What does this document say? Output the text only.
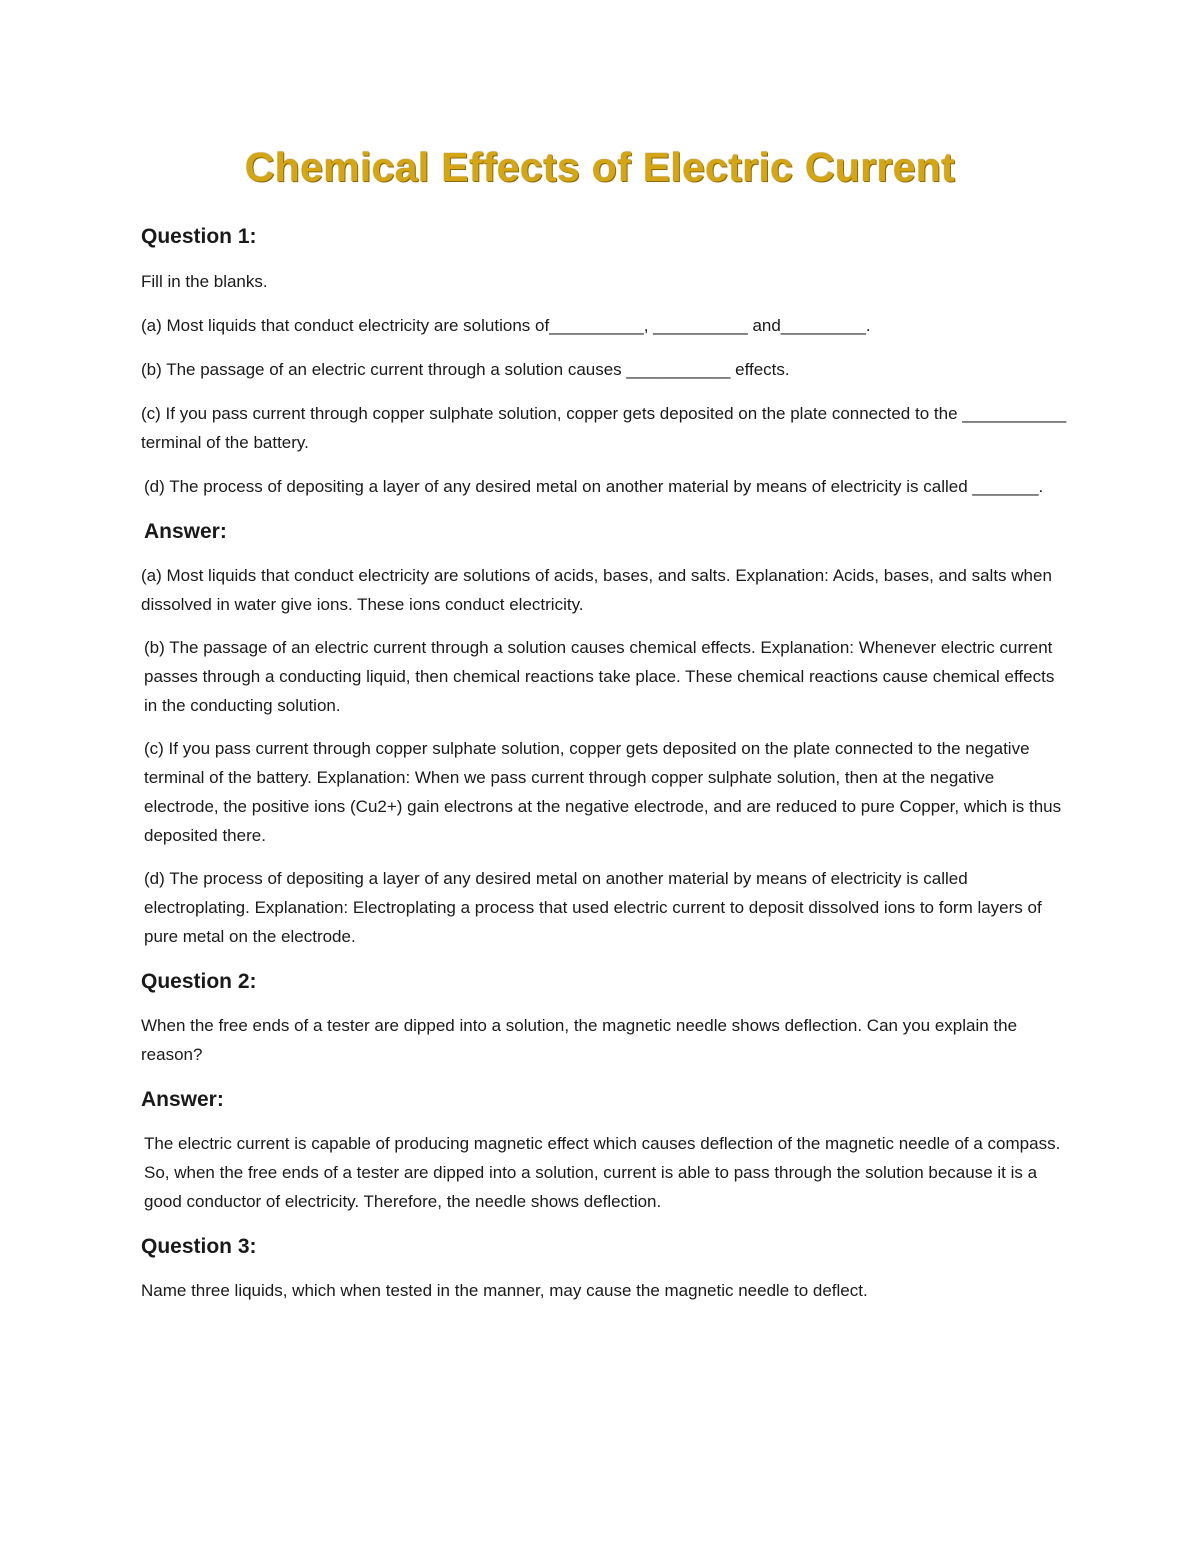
Chemical Effects of Electric Current

Question 1:

Fill in the blanks.

(a) Most liquids that conduct electricity are solutions of__________, __________ and_________.

(b) The passage of an electric current through a solution causes ___________ effects.

(c) If you pass current through copper sulphate solution, copper gets deposited on the plate connected to the ___________ terminal of the battery.

(d) The process of depositing a layer of any desired metal on another material by means of electricity is called _______.

Answer:

(a) Most liquids that conduct electricity are solutions of acids, bases, and salts. Explanation: Acids, bases, and salts when dissolved in water give ions. These ions conduct electricity.

(b) The passage of an electric current through a solution causes chemical effects. Explanation: Whenever electric current passes through a conducting liquid, then chemical reactions take place. These chemical reactions cause chemical effects in the conducting solution.

(c) If you pass current through copper sulphate solution, copper gets deposited on the plate connected to the negative terminal of the battery. Explanation: When we pass current through copper sulphate solution, then at the negative electrode, the positive ions (Cu2+) gain electrons at the negative electrode, and are reduced to pure Copper, which is thus deposited there.

(d) The process of depositing a layer of any desired metal on another material by means of electricity is called electroplating. Explanation: Electroplating a process that used electric current to deposit dissolved ions to form layers of pure metal on the electrode.

Question 2:

When the free ends of a tester are dipped into a solution, the magnetic needle shows deflection. Can you explain the reason?

Answer:

The electric current is capable of producing magnetic effect which causes deflection of the magnetic needle of a compass. So, when the free ends of a tester are dipped into a solution, current is able to pass through the solution because it is a good conductor of electricity. Therefore, the needle shows deflection.

Question 3:

Name three liquids, which when tested in the manner, may cause the magnetic needle to deflect.
